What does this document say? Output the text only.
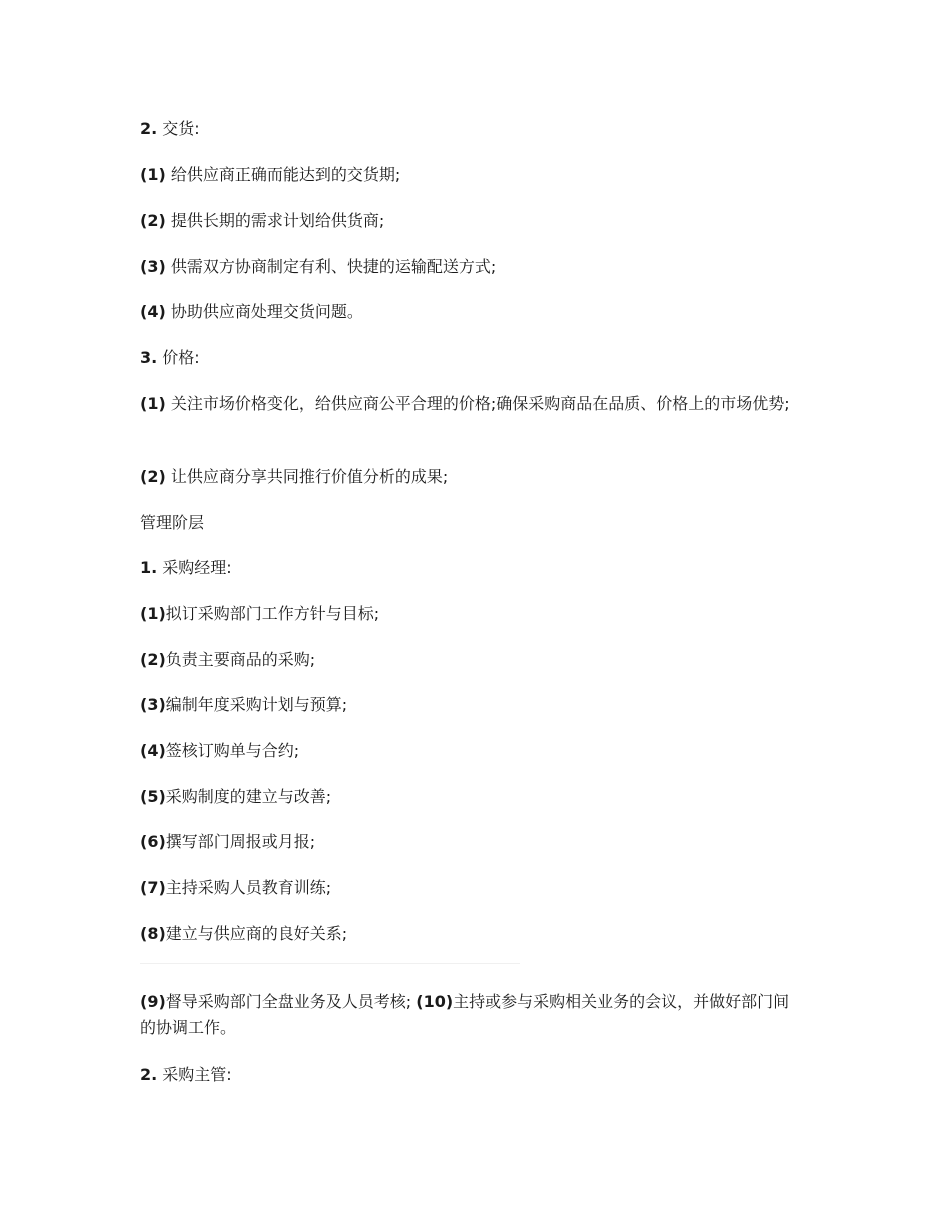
2. 交货:
(1) 给供应商正确而能达到的交货期;
(2) 提供长期的需求计划给供货商;
(3) 供需双方协商制定有利、快捷的运输配送方式;
(4) 协助供应商处理交货问题。
3. 价格:
(1) 关注市场价格变化，给供应商公平合理的价格;确保采购商品在品质、价格上的市场优势;
(2) 让供应商分享共同推行价值分析的成果;
管理阶层
1. 采购经理:
(1)拟订采购部门工作方针与目标;
(2)负责主要商品的采购;
(3)编制年度采购计划与预算;
(4)签核订购单与合约;
(5)采购制度的建立与改善;
(6)撰写部门周报或月报;
(7)主持采购人员教育训练;
(8)建立与供应商的良好关系;
(9)督导采购部门全盘业务及人员考核; (10)主持或参与采购相关业务的会议，并做好部门间的协调工作。
2. 采购主管:
